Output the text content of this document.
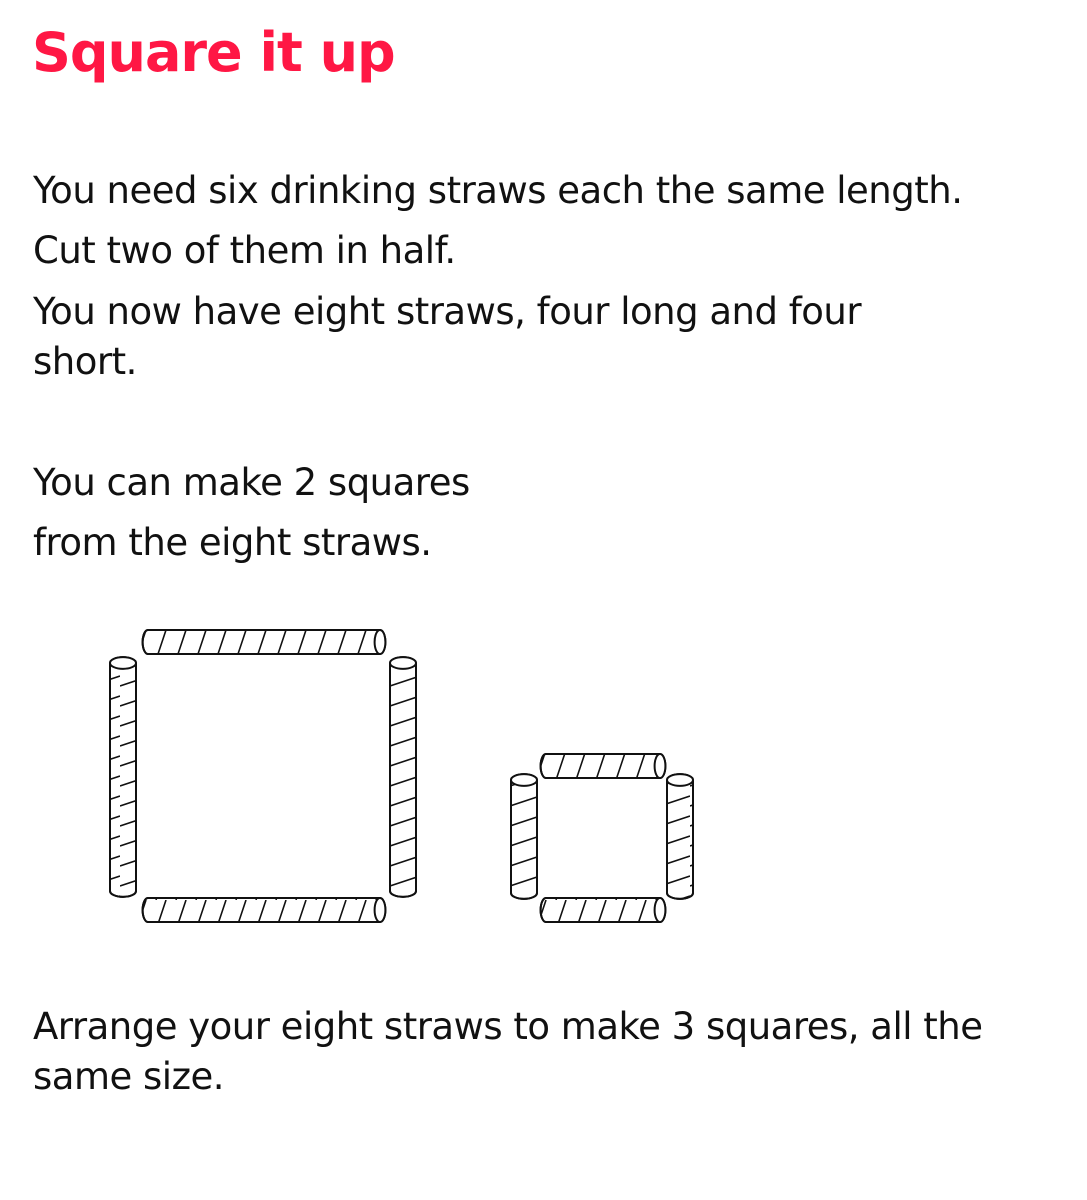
Square it up

You need six drinking straws each the same length.

Cut two of them in half.

You now have eight straws, four long and four short.

You can make 2 squares

from the eight straws.

Arrange your eight straws to make 3 squares, all the same size.
